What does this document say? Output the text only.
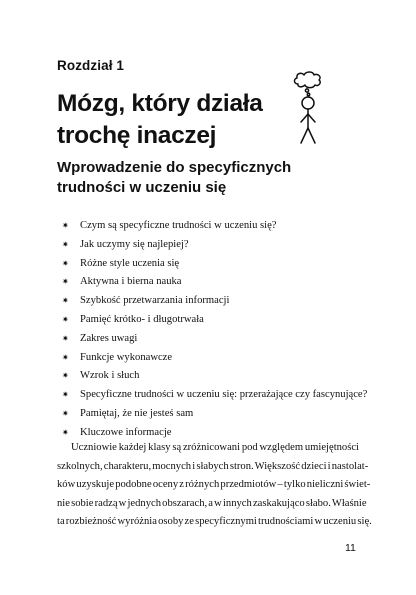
Rozdział 1
Mózg, który działa
trochę inaczej
Wprowadzenie do specyficznych
trudności w uczeniu się
✷ Czym są specyficzne trudności w uczeniu się?
✷ Jak uczymy się najlepiej?
✷ Różne style uczenia się
✷ Aktywna i bierna nauka
✷ Szybkość przetwarzania informacji
✷ Pamięć krótko- i długotrwała
✷ Zakres uwagi
✷ Funkcje wykonawcze
✷ Wzrok i słuch
✷ Specyficzne trudności w uczeniu się: przerażające czy fascynujące?
✷ Pamiętaj, że nie jesteś sam
✷ Kluczowe informacje
Uczniowie każdej klasy są zróżnicowani pod względem umiejętności
szkolnych, charakteru, mocnych i słabych stron. Większość dzieci i nastolat-
ków uzyskuje podobne oceny z różnych przedmiotów – tylko nieliczni świet-
nie sobie radzą w jednych obszarach, a w innych zaskakująco słabo. Właśnie
ta rozbieżność wyróżnia osoby ze specyficznymi trudnościami w uczeniu się.
11
